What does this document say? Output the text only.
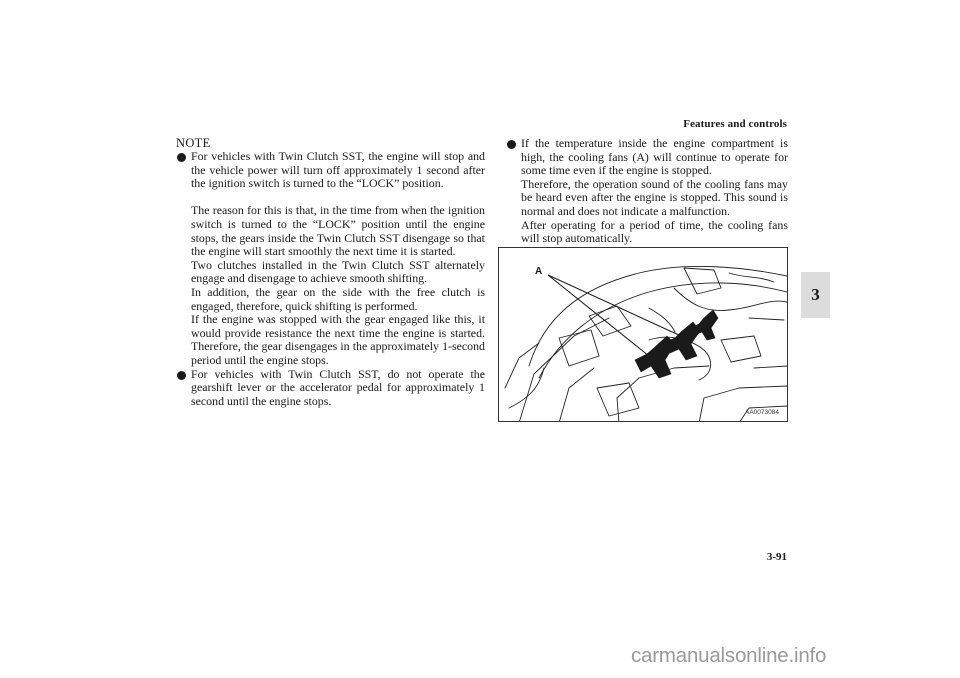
Features and controls
3

NOTE

For vehicles with Twin Clutch SST, the engine will stop and the vehicle power will turn off approximately 1 second after the ignition switch is turned to the “LOCK” position.

The reason for this is that, in the time from when the ignition switch is turned to the “LOCK” position until the engine stops, the gears inside the Twin Clutch SST disengage so that the engine will start smoothly the next time it is started.

Two clutches installed in the Twin Clutch SST alternately engage and disengage to achieve smooth shifting.

In addition, the gear on the side with the free clutch is engaged, therefore, quick shifting is performed.

If the engine was stopped with the gear engaged like this, it would provide resistance the next time the engine is started. Therefore, the gear disengages in the approximately 1-second period until the engine stops.

For vehicles with Twin Clutch SST, do not operate the gearshift lever or the accelerator pedal for approximately 1 second until the engine stops.

If the temperature inside the engine compartment is high, the cooling fans (A) will continue to operate for some time even if the engine is stopped.

Therefore, the operation sound of the cooling fans may be heard even after the engine is stopped. This sound is normal and does not indicate a malfunction.

After operating for a period of time, the cooling fans will stop automatically.

A
AA0073084
3-91
carmanualsonline.info
